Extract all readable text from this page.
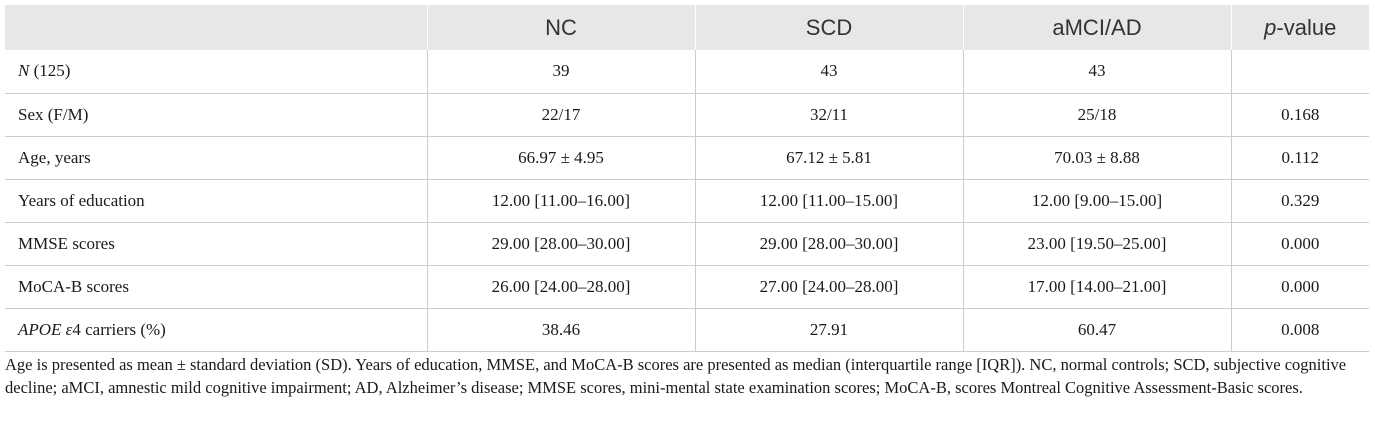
	NC	SCD	aMCI/AD	p-value
N (125)	39	43	43	
Sex (F/M)	22/17	32/11	25/18	0.168
Age, years	66.97 ± 4.95	67.12 ± 5.81	70.03 ± 8.88	0.112
Years of education	12.00 [11.00–16.00]	12.00 [11.00–15.00]	12.00 [9.00–15.00]	0.329
MMSE scores	29.00 [28.00–30.00]	29.00 [28.00–30.00]	23.00 [19.50–25.00]	0.000
MoCA-B scores	26.00 [24.00–28.00]	27.00 [24.00–28.00]	17.00 [14.00–21.00]	0.000
APOE ε4 carriers (%)	38.46	27.91	60.47	0.008

Age is presented as mean ± standard deviation (SD). Years of education, MMSE, and MoCA-B scores are presented as median (interquartile range [IQR]). NC, normal controls; SCD, subjective cognitive decline; aMCI, amnestic mild cognitive impairment; AD, Alzheimer’s disease; MMSE scores, mini-mental state examination scores; MoCA-B, scores Montreal Cognitive Assessment-Basic scores.
